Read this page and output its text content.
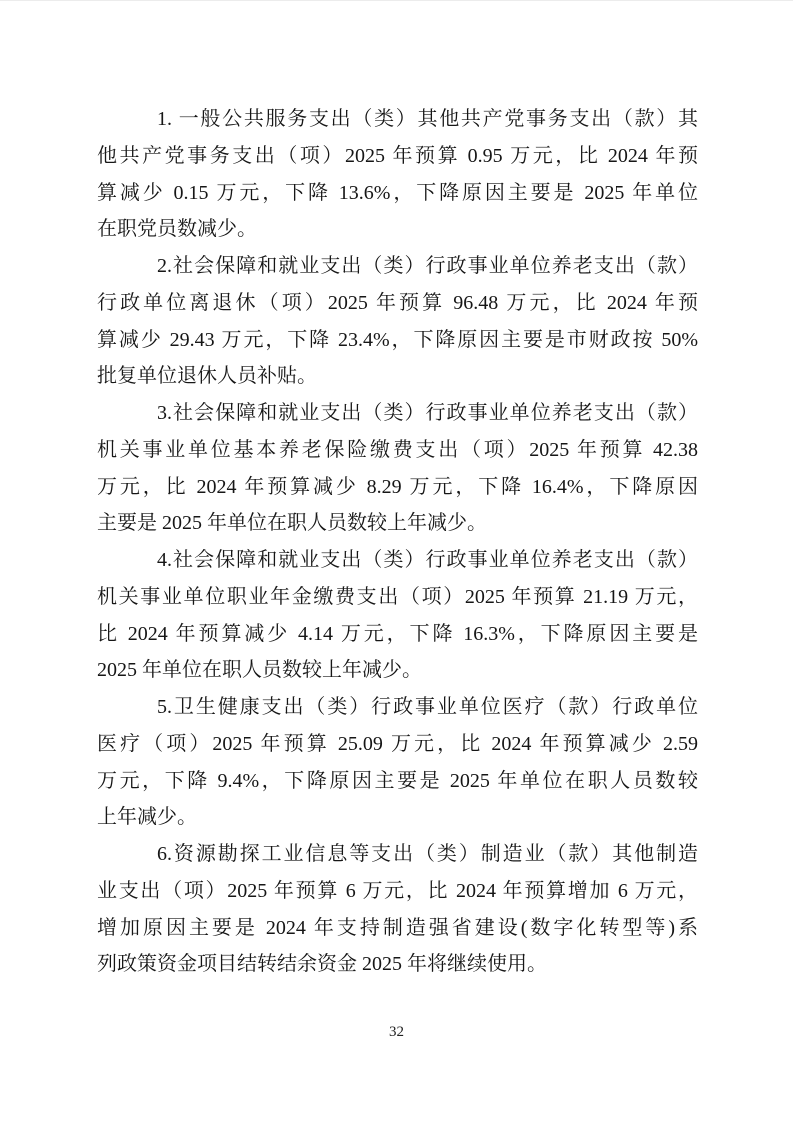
1. 一般公共服务支出（类）其他共产党事务支出（款）其
他共产党事务支出（项）2025 年预算 0.95 万元，比 2024 年预
算减少 0.15 万元，下降 13.6%，下降原因主要是 2025 年单位
在职党员数减少。
2.社会保障和就业支出（类）行政事业单位养老支出（款）
行政单位离退休（项）2025 年预算 96.48 万元，比 2024 年预
算减少 29.43 万元，下降 23.4%，下降原因主要是市财政按 50%
批复单位退休人员补贴。
3.社会保障和就业支出（类）行政事业单位养老支出（款）
机关事业单位基本养老保险缴费支出（项）2025 年预算 42.38
万元，比 2024 年预算减少 8.29 万元，下降 16.4%，下降原因
主要是 2025 年单位在职人员数较上年减少。
4.社会保障和就业支出（类）行政事业单位养老支出（款）
机关事业单位职业年金缴费支出（项）2025 年预算 21.19 万元，
比 2024 年预算减少 4.14 万元，下降 16.3%，下降原因主要是
2025 年单位在职人员数较上年减少。
5.卫生健康支出（类）行政事业单位医疗（款）行政单位
医疗（项）2025 年预算 25.09 万元，比 2024 年预算减少 2.59
万元，下降 9.4%，下降原因主要是 2025 年单位在职人员数较
上年减少。
6.资源勘探工业信息等支出（类）制造业（款）其他制造
业支出（项）2025 年预算 6 万元，比 2024 年预算增加 6 万元，
增加原因主要是 2024 年支持制造强省建设(数字化转型等)系
列政策资金项目结转结余资金 2025 年将继续使用。
32
